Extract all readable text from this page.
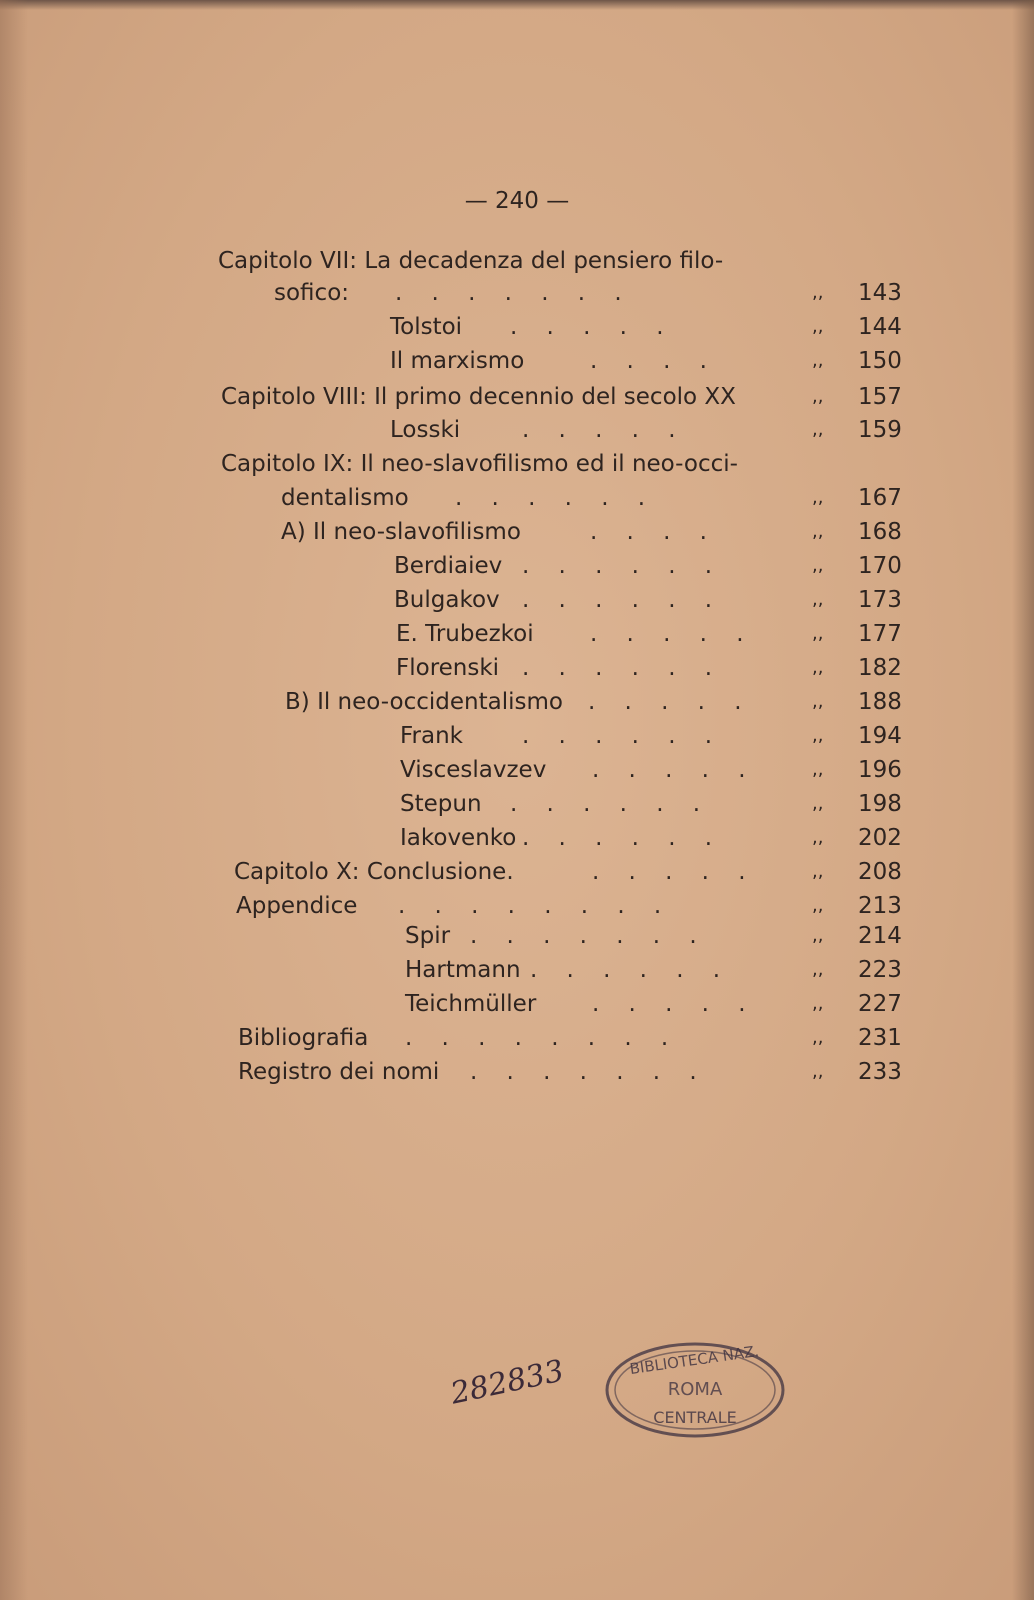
— 240 —
Capitolo VII: La decadenza del pensiero filo-
sofico: .    .    .    .    .    .    .	,, 143
Tolstoi .    .    .    .    .	,, 144
Il marxismo	.    .    .    .	,, 150
Capitolo VIII: Il primo decennio del secolo XX	,, 157
Losski	.    .    .    .    .	,, 159
Capitolo IX: Il neo-slavofilismo ed il neo-occi-
dentalismo .    .    .    .    .    .	,, 167
A) Il neo-slavofilismo	.    .    .    .	,, 168
Berdiaiev .    .    .    .    .    .	,, 170
Bulgakov .    .    .    .    .    .	,, 173
E. Trubezkoi .    .    .    .    .	,, 177
Florenski .    .    .    .    .    .	,, 182
B) Il neo-occidentalismo .    .    .    .    .	,, 188
Frank	.    .    .    .    .    .	,, 194
Visceslavzev .    .    .    .    .	,, 196
Stepun .    .    .    .    .    .	,, 198
Iakovenko .    .    .    .    .    .	,, 202
Capitolo X: Conclusione.	.    .    .    .    .	,, 208
Appendice .    .    .    .    .    .    .    .	,, 213
Spir .    .    .    .    .    .    .	,, 214
Hartmann .    .    .    .    .    .	,, 223
Teichmüller .    .    .    .    .	,, 227
Bibliografia .    .    .    .    .    .    .    .	,, 231
Registro dei nomi .    .    .    .    .    .    .	,, 233
282833	BIBLIOTECA NAZ.
ROMA
CENTRALE
